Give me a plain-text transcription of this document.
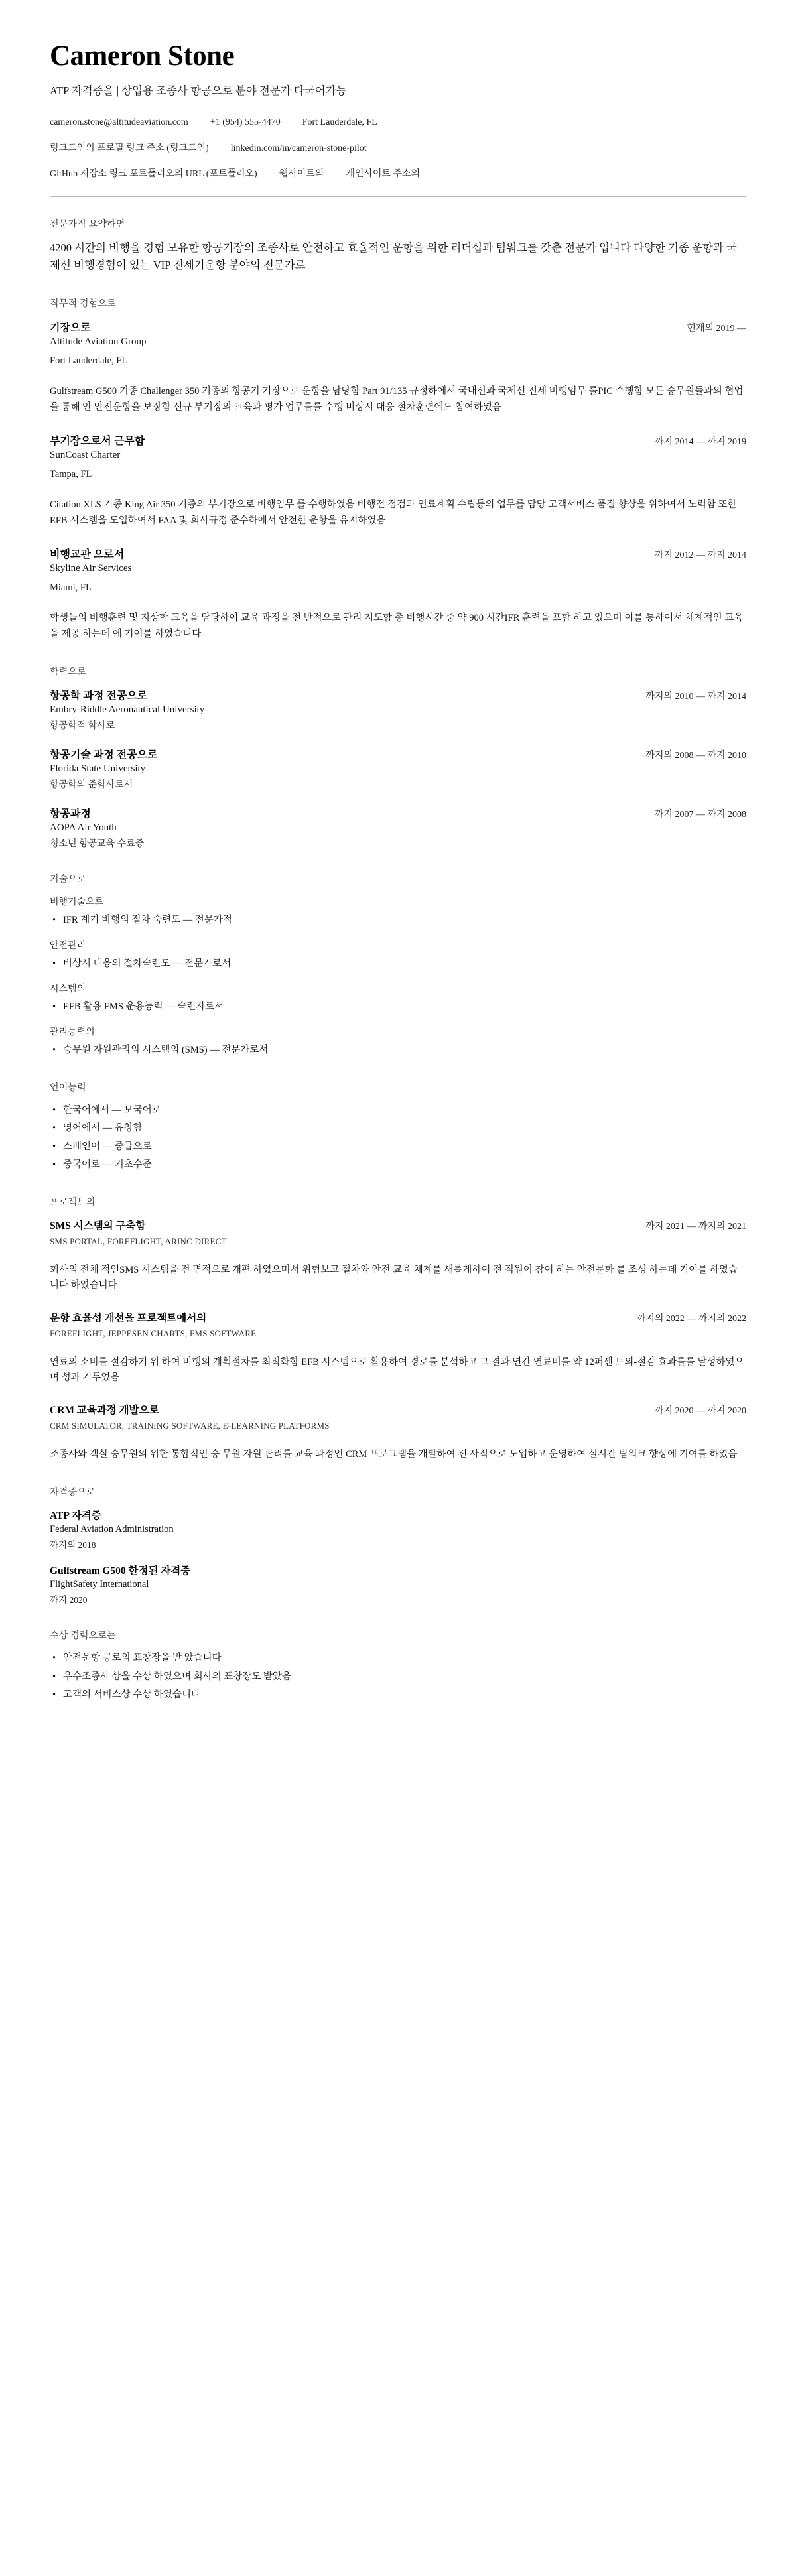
Cameron Stone
ATP 자격증을 | 상업용 조종사 항공으로 분야 전문가 다국어가능
cameron.stone@altitudeaviation.com +1 (954) 555-4470 Fort Lauderdale, FL
링크드인의 프로필 링크 주소 (링크드인) linkedin.com/in/cameron-stone-pilot
GitHub 저장소 링크 포트폴리오의 URL (포트폴리오) 웹사이트의 개인사이트 주소의
전문가적 요약하면

4200 시간의 비행을 경험 보유한 항공기장의 조종사로 안전하고 효율적인 운항을 위한 리더십과 팀워크를 갖춘 전문가 입니다 다양한 기종 운항과 국제선 비행경험이 있는 VIP 전세기운항 분야의 전문가로

직무적 경험으로
기장으로	현재의 2019 —
Altitude Aviation Group
Fort Lauderdale, FL
Gulfstream G500 기종 Challenger 350 기종의 항공기 기장으로 운항을 담당함 Part 91/135 규정하에서 국내선과 국제선 전세 비행임무 를PIC 수행함 모든 승무원들과의 협업을 통해 안 안전운항을 보장함 신규 부기장의 교육과 평가 업무를를 수행 비상시 대응 절차훈련에도 참여하였음
부기장으로서 근무함	까지 2014 — 까지 2019
SunCoast Charter
Tampa, FL
Citation XLS 기종 King Air 350 기종의 부기장으로 비행임무 를 수행하였음 비행전 점검과 연료계획 수립등의 업무를 담당 고객서비스 품질 향상을 위하여서 노력함 또한 EFB 시스템을 도입하여서 FAA 및 회사규정 준수하에서 안전한 운항을 유지하였음
비행교관 으로서	까지 2012 — 까지 2014
Skyline Air Services
Miami, FL
학생들의 비행훈련 및 지상학 교육을 담당하여 교육 과정을 전 반적으로 관리 지도함 총 비행시간 중 약 900 시간IFR 훈련을 포함 하고 있으며 이를 통하여서 체계적인 교육을 제공 하는데 에 기여를 하였습니다
학력으로
항공학 과정 전공으로	까지의 2010 — 까지 2014
Embry-Riddle Aeronautical University
항공학적 학사로
항공기술 과정 전공으로	까지의 2008 — 까지 2010
Florida State University
항공학의 준학사로서
항공과정	까지 2007 — 까지 2008
AOPA Air Youth
청소년 항공교육 수료증
기술으로
비행기술으로
• IFR 계기 비행의 절차 숙련도 — 전문가적
안전관리
• 비상시 대응의 절차숙련도 — 전문가로서
시스템의
• EFB 활용 FMS 운용능력 — 숙련자로서
관리능력의
• 승무원 자원관리의 시스템의 (SMS) — 전문가로서
언어능력
• 한국어에서 — 모국어로
• 영어에서 — 유창함
• 스페인어 — 중급으로
• 중국어로 — 기초수준
프로젝트의
SMS 시스템의 구축함	까지 2021 — 까지의 2021
SMS PORTAL, FOREFLIGHT, ARINC DIRECT
회사의 전체 적인SMS 시스템을 전 면적으로 개편 하였으며서 위험보고 절차와 안전 교육 체계를 새롭게하여 전 직원이 참여 하는 안전문화 를 조성 하는데 기여를 하였습니다 하였습니다
운항 효율성 개선을 프로젝트에서의	까지의 2022 — 까지의 2022
FOREFLIGHT, JEPPESEN CHARTS, FMS SOFTWARE
연료의 소비를 절감하기 위 하여 비행의 계획절차를 최적화함 EFB 시스템으로 활용하여 경로를 분석하고 그 결과 연간 연료비를 약 12퍼센 트의-절감 효과를를 달성하였으며 성과 거두었음
CRM 교육과정 개발으로	까지 2020 — 까지 2020
CRM SIMULATOR, TRAINING SOFTWARE, E-LEARNING PLATFORMS
조종사와 객실 승무원의 위한 통합적인 승 무원 자원 관리를 교육 과정인 CRM 프로그램을 개발하여 전 사적으로 도입하고 운영하여 실시간 팀워크 향상에 기여를 하였음
자격증으로
ATP 자격증
Federal Aviation Administration
까지의 2018
Gulfstream G500 한정된 자격증
FlightSafety International
까지 2020
수상 경력으로는
• 안전운항 공로의 표창장을 받 았습니다
• 우수조종사 상을 수상 하였으며 회사의 표창장도 받았음
• 고객의 서비스상 수상 하였습니다
